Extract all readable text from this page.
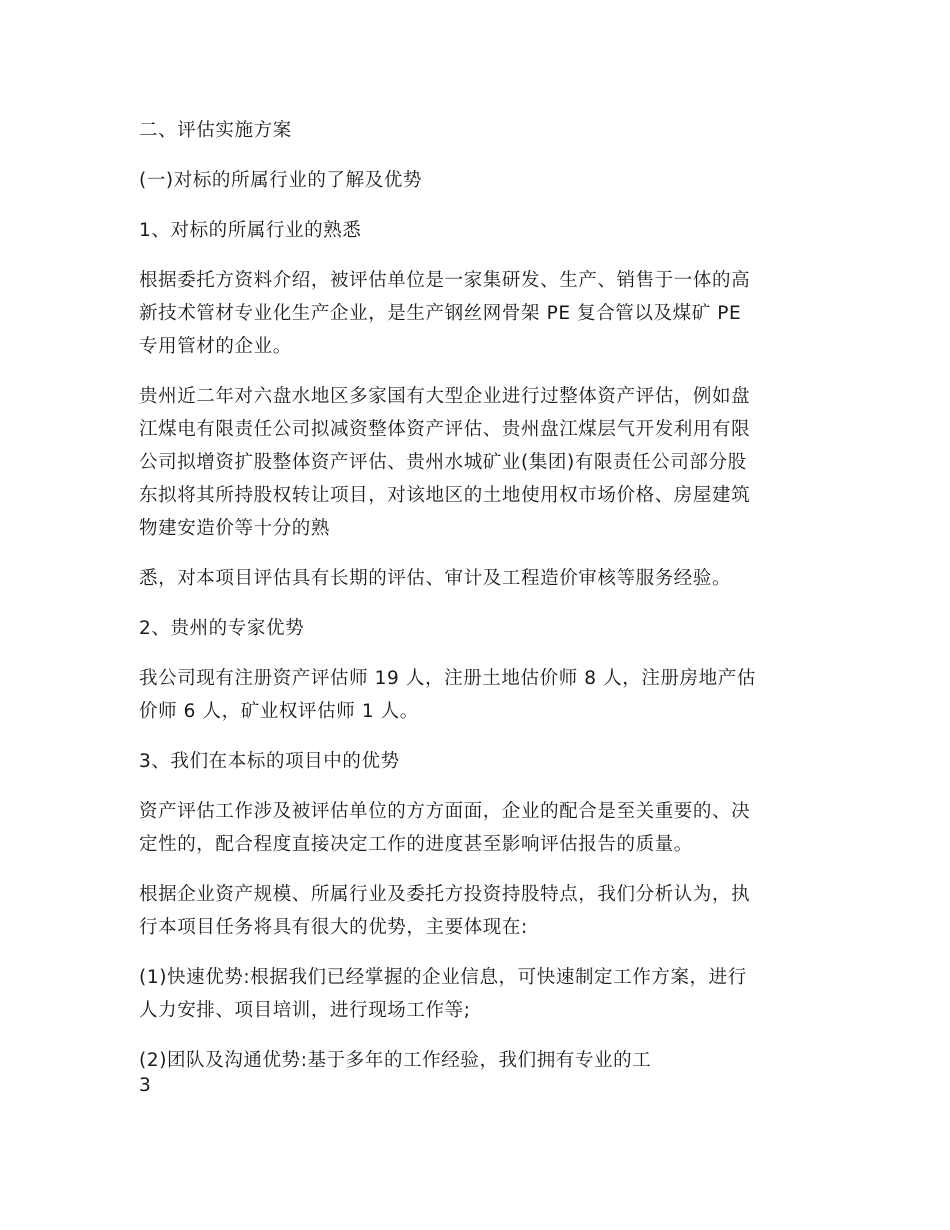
二、评估实施方案

(一)对标的所属行业的了解及优势

1、对标的所属行业的熟悉

根据委托方资料介绍，被评估单位是一家集研发、生产、销售于一体的高
新技术管材专业化生产企业，是生产钢丝网骨架 PE 复合管以及煤矿 PE
专用管材的企业。

贵州近二年对六盘水地区多家国有大型企业进行过整体资产评估，例如盘
江煤电有限责任公司拟减资整体资产评估、贵州盘江煤层气开发利用有限
公司拟增资扩股整体资产评估、贵州水城矿业(集团)有限责任公司部分股
东拟将其所持股权转让项目，对该地区的土地使用权市场价格、房屋建筑
物建安造价等十分的熟

悉，对本项目评估具有长期的评估、审计及工程造价审核等服务经验。

2、贵州的专家优势

我公司现有注册资产评估师 19 人，注册土地估价师 8 人，注册房地产估
价师 6 人，矿业权评估师 1 人。

3、我们在本标的项目中的优势

资产评估工作涉及被评估单位的方方面面，企业的配合是至关重要的、决
定性的，配合程度直接决定工作的进度甚至影响评估报告的质量。

根据企业资产规模、所属行业及委托方投资持股特点，我们分析认为，执
行本项目任务将具有很大的优势，主要体现在:

(1)快速优势:根据我们已经掌握的企业信息，可快速制定工作方案，进行
人力安排、项目培训，进行现场工作等;

(2)团队及沟通优势:基于多年的工作经验，我们拥有专业的工

3
